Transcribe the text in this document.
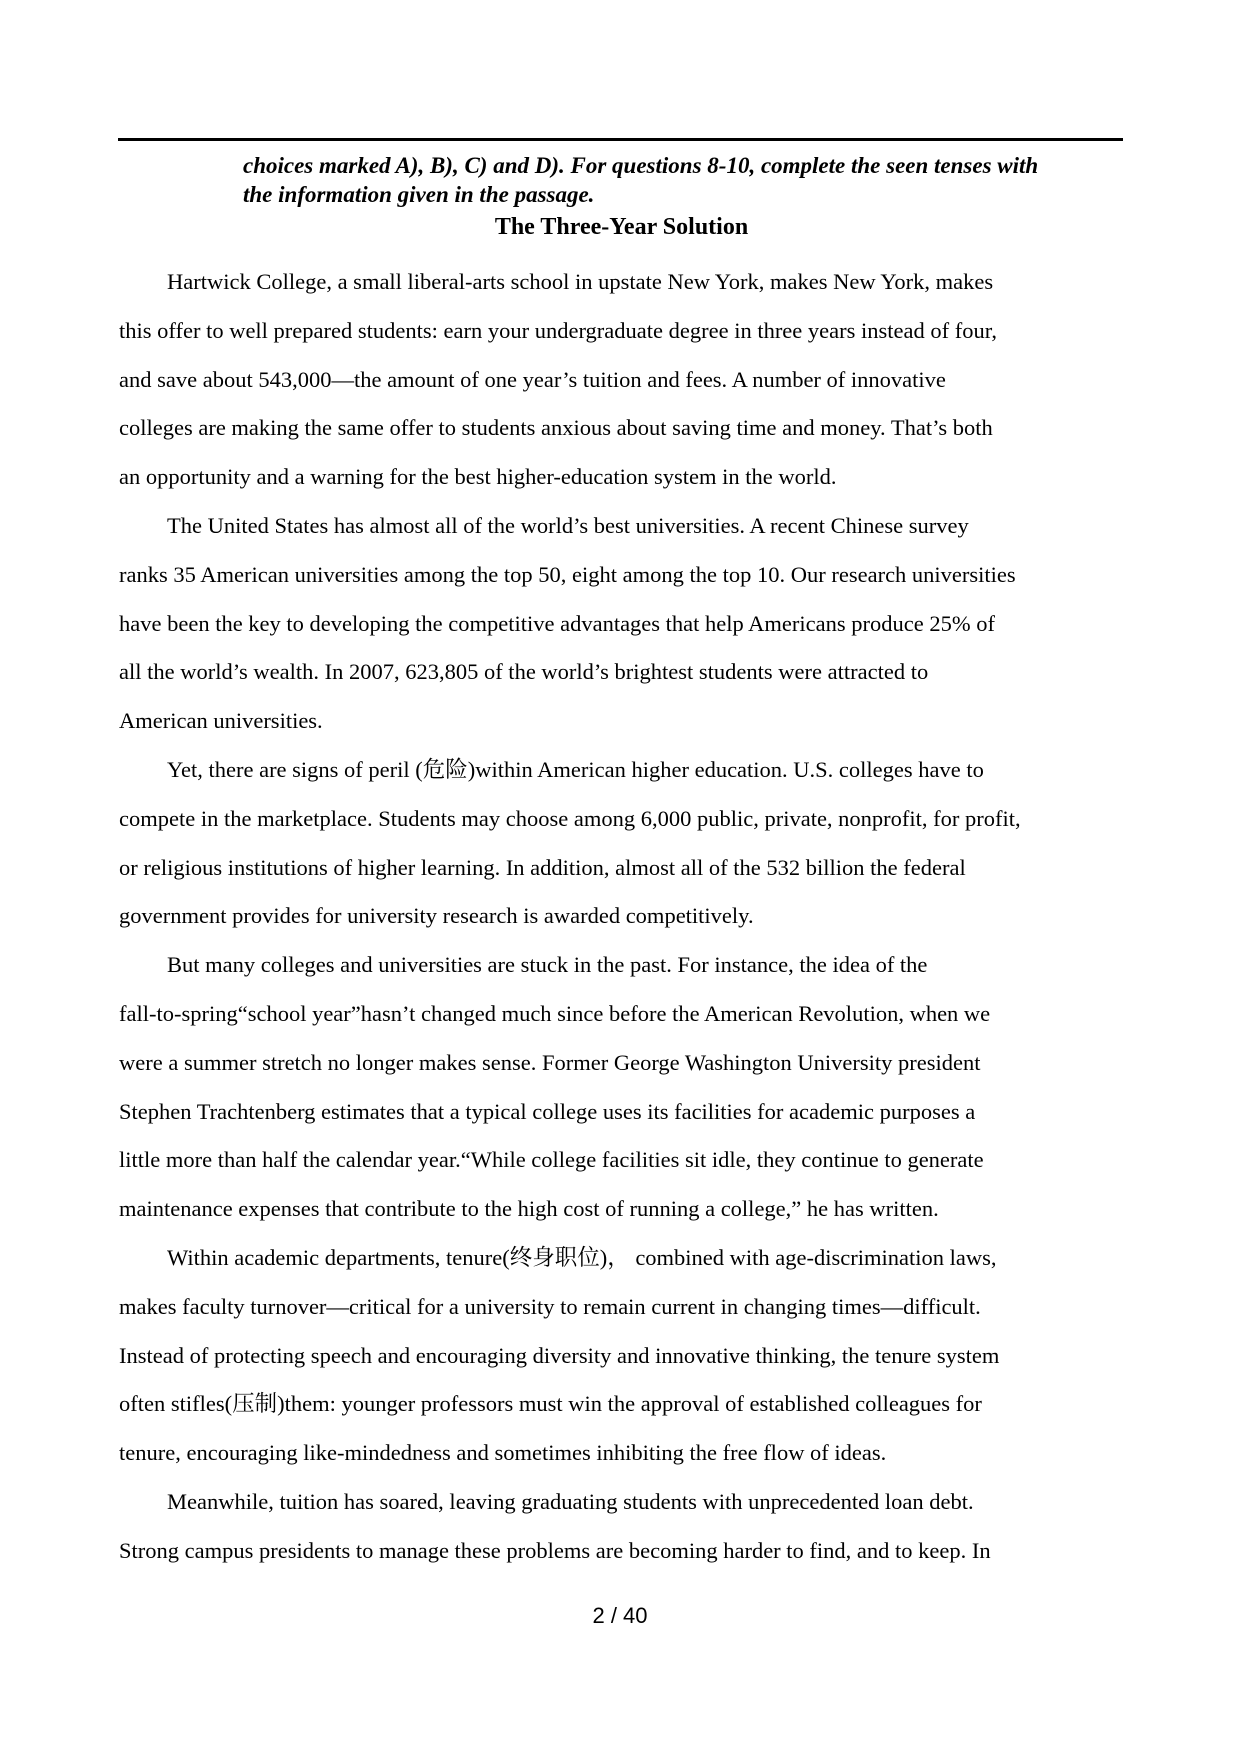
choices marked A), B), C) and D). For questions 8-10, complete the seen tenses with
the information given in the passage.
The Three-Year Solution
Hartwick College, a small liberal-arts school in upstate New York, makes New York, makes
this offer to well prepared students: earn your undergraduate degree in three years instead of four,
and save about 543,000—the amount of one year’s tuition and fees. A number of innovative
colleges are making the same offer to students anxious about saving time and money. That’s both
an opportunity and a warning for the best higher-education system in the world.
The United States has almost all of the world’s best universities. A recent Chinese survey
ranks 35 American universities among the top 50, eight among the top 10. Our research universities
have been the key to developing the competitive advantages that help Americans produce 25% of
all the world’s wealth. In 2007, 623,805 of the world’s brightest students were attracted to
American universities.
Yet, there are signs of peril (危险)within American higher education. U.S. colleges have to
compete in the marketplace. Students may choose among 6,000 public, private, nonprofit, for profit,
or religious institutions of higher learning. In addition, almost all of the 532 billion the federal
government provides for university research is awarded competitively.
But many colleges and universities are stuck in the past. For instance, the idea of the
fall-to-spring“school year”hasn’t changed much since before the American Revolution, when we
were a summer stretch no longer makes sense. Former George Washington University president
Stephen Trachtenberg estimates that a typical college uses its facilities for academic purposes a
little more than half the calendar year.“While college facilities sit idle, they continue to generate
maintenance expenses that contribute to the high cost of running a college,” he has written.
Within academic departments, tenure(终身职位)， combined with age-discrimination laws,
makes faculty turnover—critical for a university to remain current in changing times—difficult.
Instead of protecting speech and encouraging diversity and innovative thinking, the tenure system
often stifles(压制)them: younger professors must win the approval of established colleagues for
tenure, encouraging like-mindedness and sometimes inhibiting the free flow of ideas.
Meanwhile, tuition has soared, leaving graduating students with unprecedented loan debt.
Strong campus presidents to manage these problems are becoming harder to find, and to keep. In
2 / 40
